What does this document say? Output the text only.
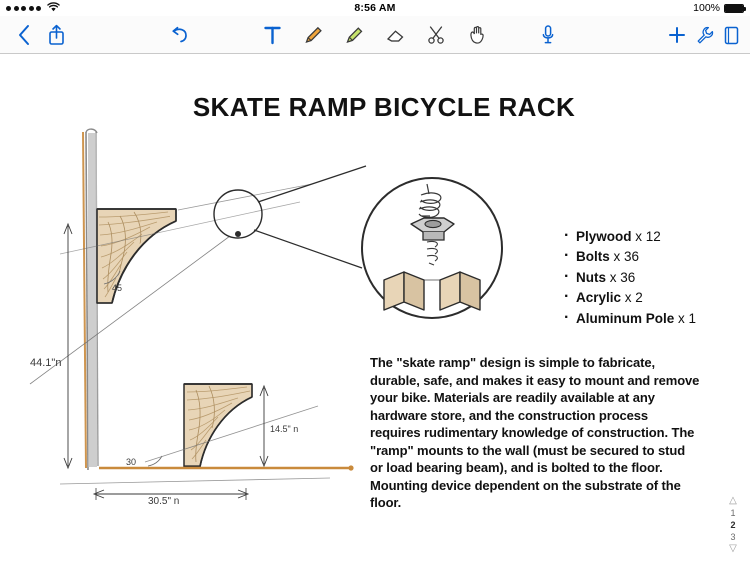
8:56 AM	100%
SKATE RAMP BICYCLE RACK
44.1"n
30.5" n
14.5" n
45
30
· Plywood x 12
· Bolts x 36
· Nuts x 36
· Acrylic x 2
· Aluminum Pole x 1
The "skate ramp" design is simple to fabricate, durable, safe, and makes it easy to mount and remove your bike. Materials are readily available at any hardware store, and the construction process requires rudimentary knowledge of construction. The "ramp" mounts to the wall (must be secured to stud or load bearing beam), and is bolted to the floor. Mounting device dependent on the substrate of the floor.	△
1
2
3
▽
